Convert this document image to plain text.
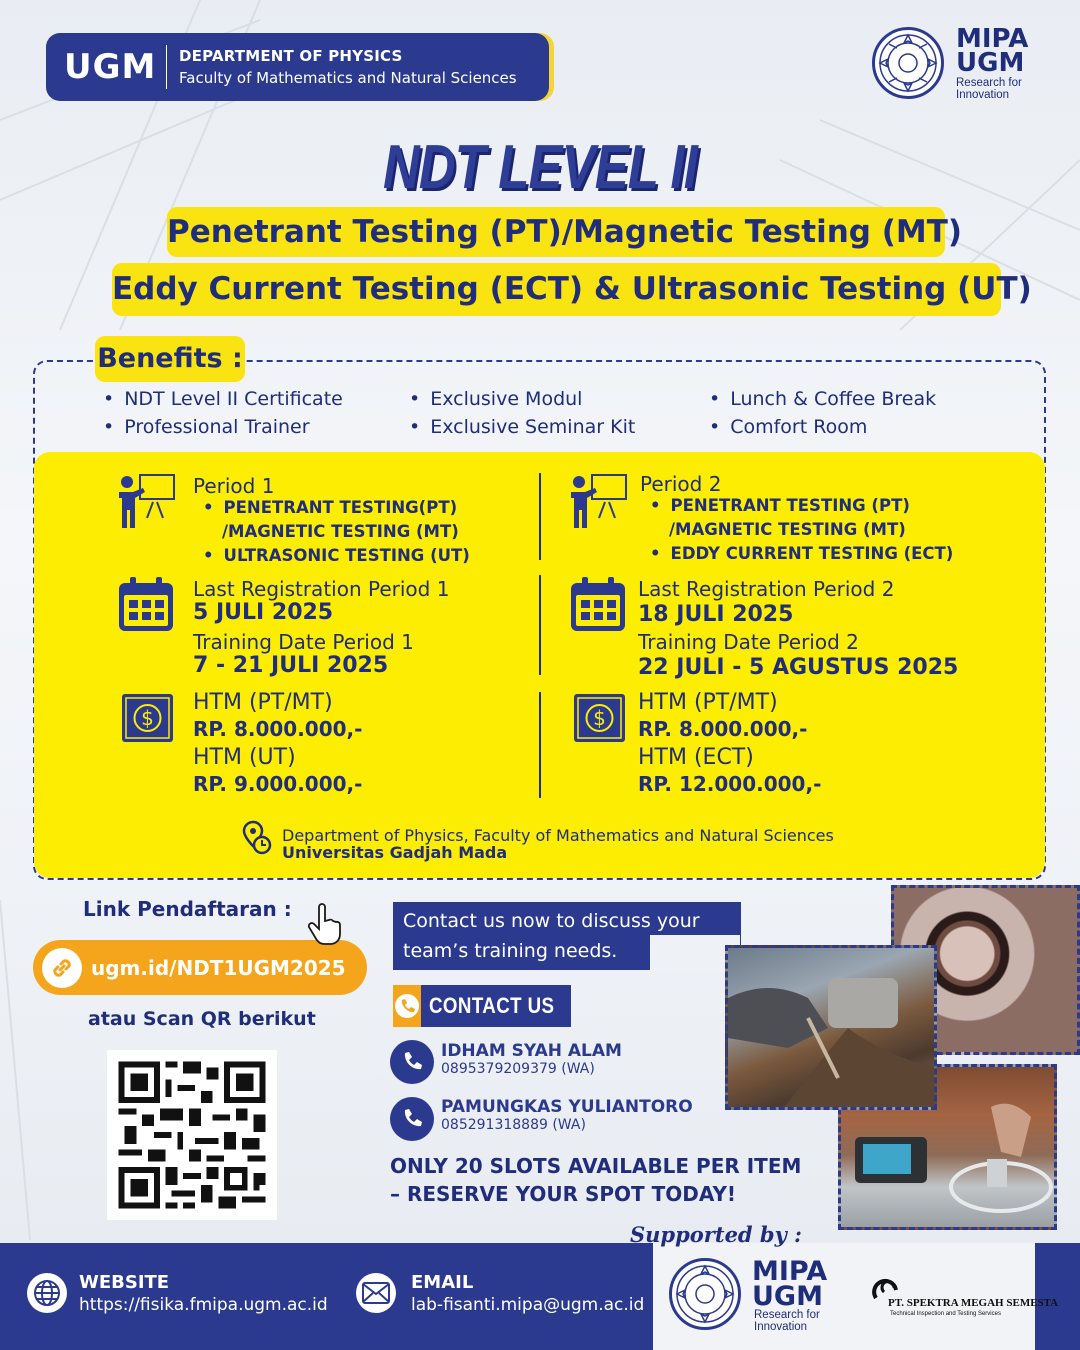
UGM	DEPARTMENT OF PHYSICS
Faculty of Mathematics and Natural Sciences
MIPA
UGM
Research for
Innovation
NDT LEVEL II
Penetrant Testing (PT)/Magnetic Testing (MT)
Eddy Current Testing (ECT) & Ultrasonic Testing (UT)
Benefits :
• NDT Level II Certificate
• Professional Trainer
• Exclusive Modul
• Exclusive Seminar Kit
• Lunch & Coffee Break
• Comfort Room
Period 1
• PENETRANT TESTING(PT)
/MAGNETIC TESTING (MT)
• ULTRASONIC TESTING (UT)
Last Registration Period 1
5 JULI 2025
Training Date Period 1
7 - 21 JULI 2025
$
HTM (PT/MT)
RP. 8.000.000,-
HTM (UT)
RP. 9.000.000,-
Period 2
• PENETRANT TESTING (PT)
/MAGNETIC TESTING (MT)
• EDDY CURRENT TESTING (ECT)
Last Registration Period 2
18 JULI 2025
Training Date Period 2
22 JULI - 5 AGUSTUS 2025
$
HTM (PT/MT)
RP. 8.000.000,-
HTM (ECT)
RP. 12.000.000,-
Department of Physics, Faculty of Mathematics and Natural Sciences
Universitas Gadjah Mada
Link Pendaftaran :
ugm.id/NDT1UGM2025
atau Scan QR berikut
Contact us now to discuss your
team’s training needs.
CONTACT US
IDHAM SYAH ALAM
0895379209379 (WA)
PAMUNGKAS YULIANTORO
085291318889 (WA)
ONLY 20 SLOTS AVAILABLE PER ITEM
– RESERVE YOUR SPOT TODAY!
WEBSITE
https://fisika.fmipa.ugm.ac.id
EMAIL
lab-fisanti.mipa@ugm.ac.id
Supported by :
MIPA
UGM
Research for
Innovation
PT. SPEKTRA MEGAH SEMESTA
Technical Inspection and Testing Services
